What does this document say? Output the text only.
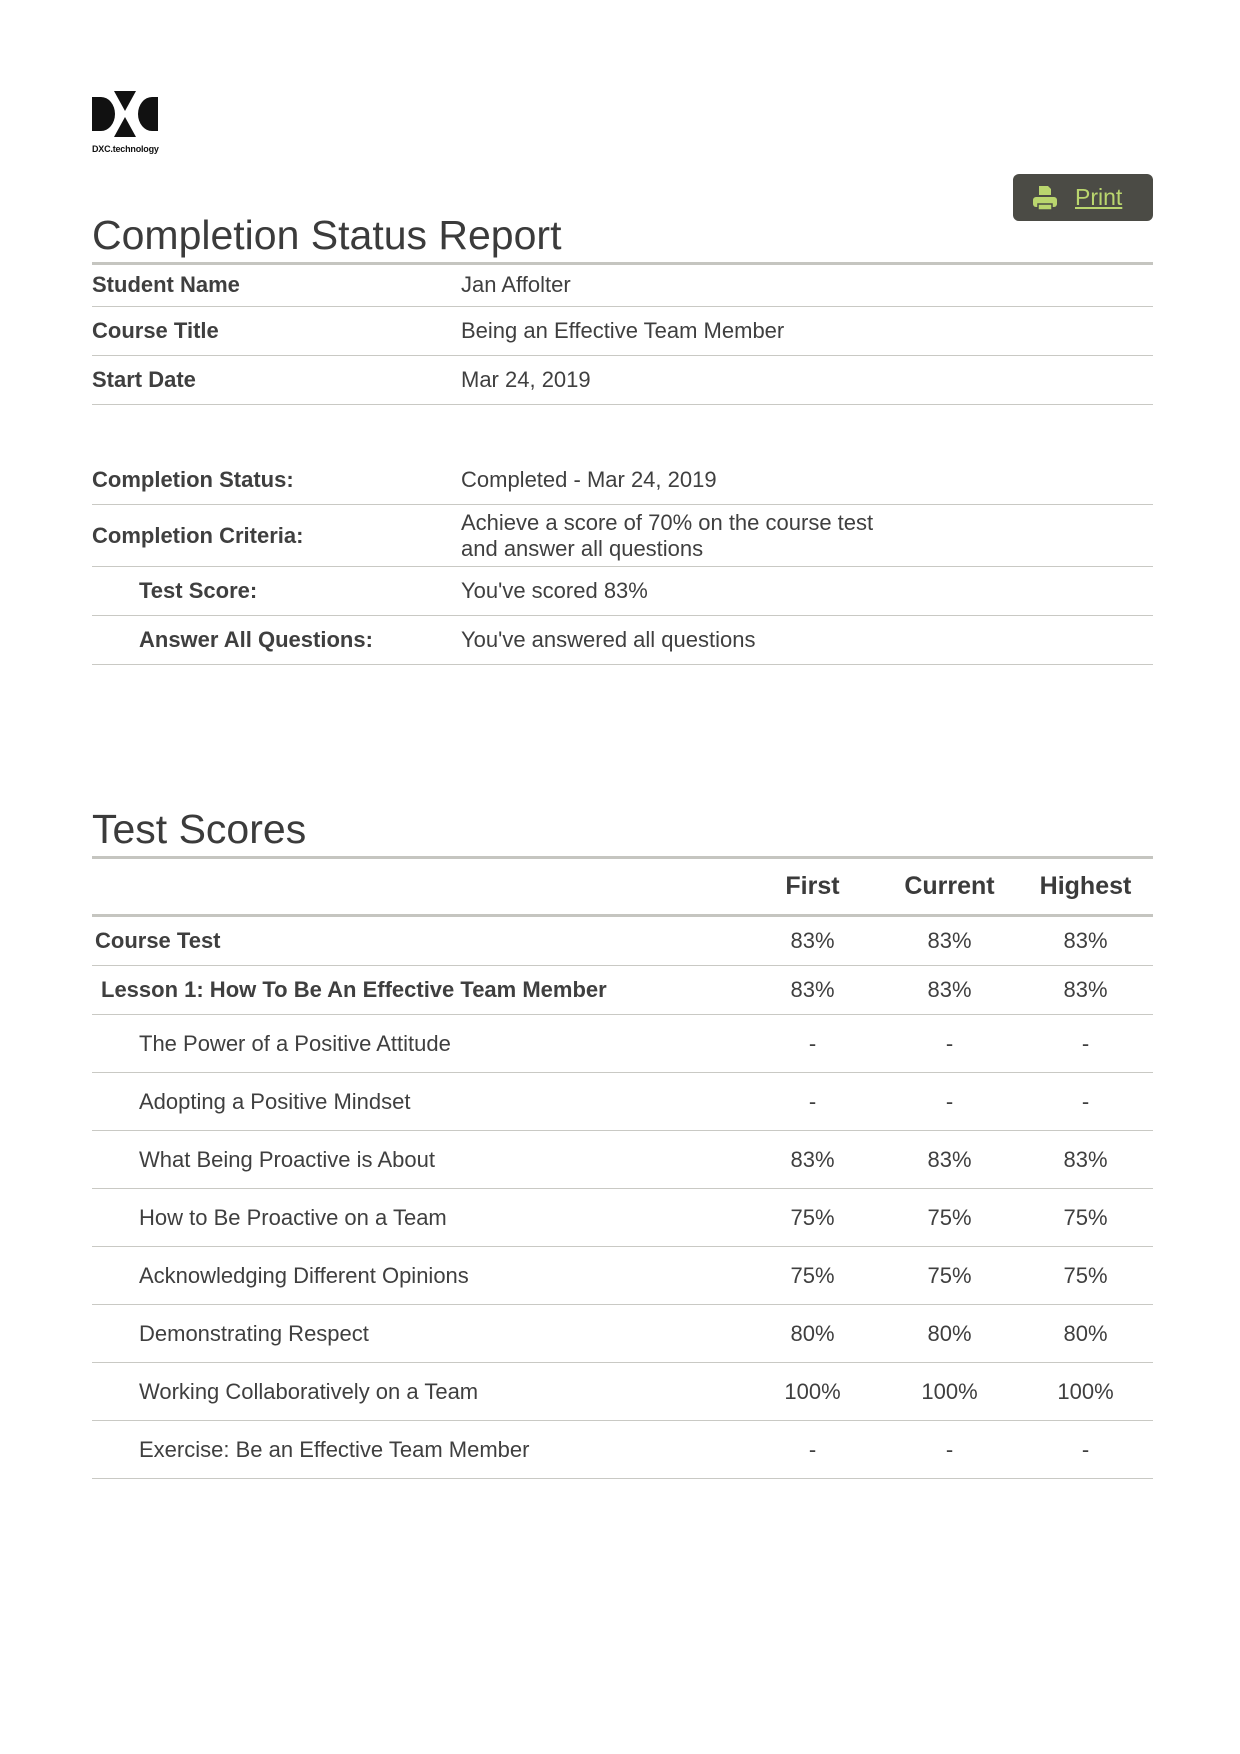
DXC.technology
Print
Completion Status Report
Student Name	Jan Affolter
Course Title	Being an Effective Team Member
Start Date	Mar 24, 2019
Completion Status:	Completed - Mar 24, 2019
Completion Criteria:	Achieve a score of 70% on the course test
and answer all questions

Test Score:	You've scored 83%
Answer All Questions:	You've answered all questions
Test Scores
	First	Current	Highest
Course Test	83%	83%	83%
Lesson 1: How To Be An Effective Team Member	83%	83%	83%
The Power of a Positive Attitude	-	-	-
Adopting a Positive Mindset	-	-	-
What Being Proactive is About	83%	83%	83%
How to Be Proactive on a Team	75%	75%	75%
Acknowledging Different Opinions	75%	75%	75%
Demonstrating Respect	80%	80%	80%
Working Collaboratively on a Team	100%	100%	100%
Exercise: Be an Effective Team Member	-	-	-
